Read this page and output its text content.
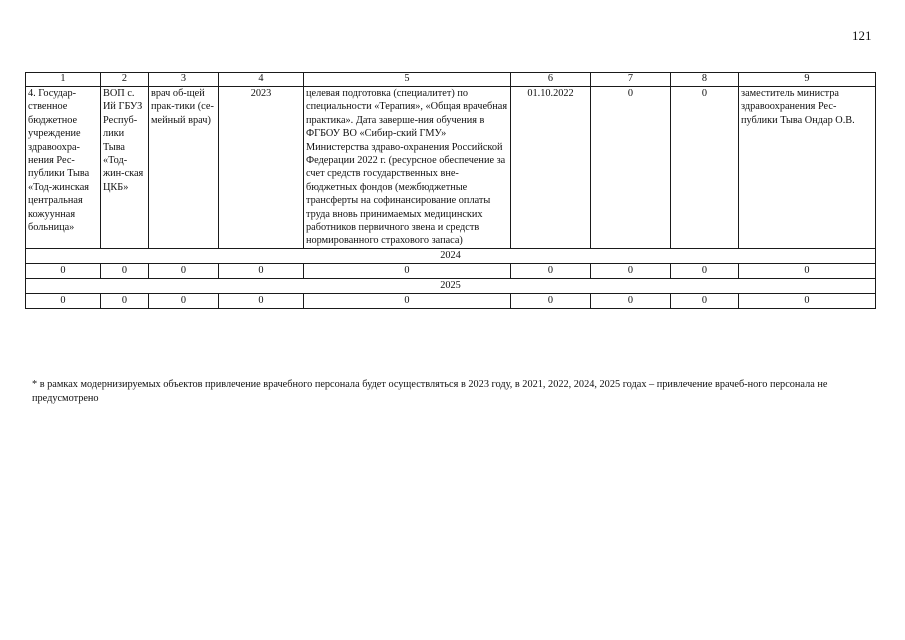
121
1	2	3	4	5	6	7	8	9
4. Государ-ственное бюджетное учреждение здравоохра-нения Рес-публики Тыва «Тод-жинская центральная кожуунная больница»	ВОП с. Ий ГБУЗ Респуб-лики Тыва «Тод-жин-ская ЦКБ»	врач об-щей прак-тики (се-мейный врач)	2023	целевая подготовка (специалитет) по специальности «Терапия», «Общая врачебная практика». Дата заверше-ния обучения в ФГБОУ ВО «Сибир-ский ГМУ» Министерства здраво-охранения Российской Федерации 2022 г. (ресурсное обеспечение за счет средств государственных вне-бюджетных фондов (межбюджетные трансферты на софинансирование оплаты труда вновь принимаемых медицинских работников первичного звена и средств нормированного страхового запаса)	01.10.2022	0	0	заместитель министра здравоохранения Рес-публики Тыва Ондар О.В.
2024								
0	0	0	0	0	0	0	0	0
2025								
0	0	0	0	0	0	0	0	0
* в рамках модернизируемых объектов привлечение врачебного персонала будет осуществляться в 2023 году, в 2021, 2022, 2024, 2025 годах – привлечение врачеб-ного персонала не предусмотрено
